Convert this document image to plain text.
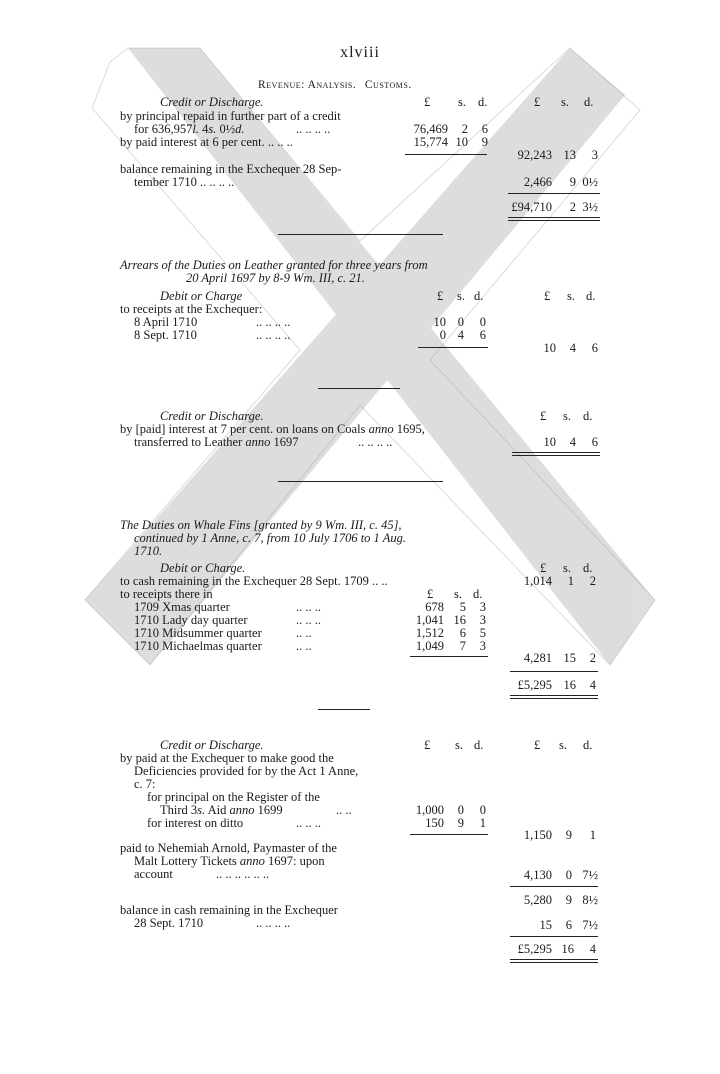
xlviii
Revenue: Analysis. Customs.
Credit or Discharge.	£ s. d.	£ s. d.
by principal repaid in further part of a credit
for 636,957l. 4s. 0½d.	.. .. .. ..	76,469	2	6
by paid interest at 6 per cent. .. .. ..	15,774 10	9
92,243 13	3
balance remaining in the Exchequer 28 Sep-
tember 1710 .. .. .. ..	2,466	9 0½
£94,710	2 3½
Arrears of the Duties on Leather granted for three years from
20 April 1697 by 8-9 Wm. III, c. 21.
Debit or Charge	£ s. d.	£ s. d.
to receipts at the Exchequer:
8 April 1710	.. .. .. ..	10 0	0
8 Sept. 1710	.. .. .. ..	0 4	6
10	4	6
Credit or Discharge.	£ s. d.
by [paid] interest at 7 per cent. on loans on Coals anno 1695,
transferred to Leather anno 1697	.. .. .. ..	10	4	6
The Duties on Whale Fins [granted by 9 Wm. III, c. 45],
continued by 1 Anne, c. 7, from 10 July 1706 to 1 Aug.
1710.
Debit or Charge.	£ s. d.
to cash remaining in the Exchequer 28 Sept. 1709 .. ..	1,014	1	2
to receipts there in	£ s. d.
1709 Xmas quarter	.. .. ..	678	5	3
1710 Lady day quarter	.. .. ..	1,041 16	3
1710 Midsummer quarter	.. ..	1,512	6	5
1710 Michaelmas quarter	.. ..	1,049	7	3
4,281 15	2
£5,295 16	4
Credit or Discharge.	£ s. d.	£ s. d.
by paid at the Exchequer to make good the
Deficiencies provided for by the Act 1 Anne,
c. 7:
for principal on the Register of the
Third 3s. Aid anno 1699	.. ..	1,000	0	0
for interest on ditto	.. .. ..	150	9	1
1,150	9	1
paid to Nehemiah Arnold, Paymaster of the
Malt Lottery Tickets anno 1697: upon
account	.. .. .. .. .. ..	4,130	0 7½
5,280	9 8½
balance in cash remaining in the Exchequer
28 Sept. 1710	.. .. .. ..	15	6 7½
£5,295 16	4
